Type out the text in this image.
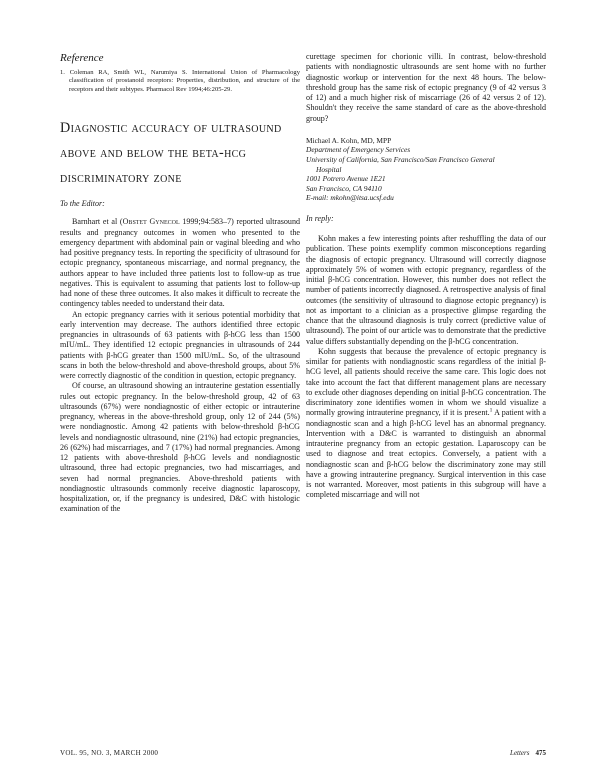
Reference

1. Coleman RA, Smith WL, Narumiya S. International Union of Pharmacology classification of prostanoid receptors: Properties, distribution, and structure of the receptors and their subtypes. Pharmacol Rev 1994;46:205-29.

Diagnostic accuracy of ultrasound above and below the beta-hcg discriminatory zone
To the Editor:

Barnhart et al (Obstet Gynecol 1999;94:583–7) reported ultrasound results and pregnancy outcomes in women who presented to the emergency department with abdominal pain or vaginal bleeding and who had positive pregnancy tests. In reporting the specificity of ultrasound for ectopic pregnancy, spontaneous miscarriage, and normal pregnancy, the authors appear to have included three patients lost to follow-up as true negatives. This is equivalent to assuming that patients lost to follow-up had none of these three outcomes. It also makes it difficult to recreate the contingency tables needed to understand their data.

An ectopic pregnancy carries with it serious potential morbidity that early intervention may decrease. The authors identified three ectopic pregnancies in ultrasounds of 63 patients with β-hCG less than 1500 mIU/mL. They identified 12 ectopic pregnancies in ultrasounds of 244 patients with β-hCG greater than 1500 mIU/mL. So, of the ultrasound scans in both the below-threshold and above-threshold groups, about 5% were correctly diagnostic of the condition in question, ectopic pregnancy.

Of course, an ultrasound showing an intrauterine gestation essentially rules out ectopic pregnancy. In the below-threshold group, 42 of 63 ultrasounds (67%) were nondiagnostic of either ectopic or intrauterine pregnancy, whereas in the above-threshold group, only 12 of 244 (5%) were nondiagnostic. Among 42 patients with below-threshold β-hCG levels and nondiagnostic ultrasound, nine (21%) had ectopic pregnancies, 26 (62%) had miscarriages, and 7 (17%) had normal pregnancies. Among 12 patients with above-threshold β-hCG levels and nondiagnostic ultrasound, three had ectopic pregnancies, two had miscarriages, and seven had normal pregnancies. Above-threshold patients with nondiagnostic ultrasounds commonly receive diagnostic laparoscopy, hospitalization, or, if the pregnancy is undesired, D&C with histologic examination of the

curettage specimen for chorionic villi. In contrast, below-threshold patients with nondiagnostic ultrasounds are sent home with no further diagnostic workup or intervention for the next 48 hours. The below-threshold group has the same risk of ectopic pregnancy (9 of 42 versus 3 of 12) and a much higher risk of miscarriage (26 of 42 versus 2 of 12). Shouldn't they receive the same standard of care as the above-threshold group?

Michael A. Kohn, MD, MPP
Department of Emergency Services
University of California, San Francisco/San Francisco General
Hospital
1001 Potrero Avenue 1E21
San Francisco, CA 94110
E-mail: mkohn@itsa.ucsf.edu
In reply:

Kohn makes a few interesting points after reshuffling the data of our publication. These points exemplify common misconceptions regarding the diagnosis of ectopic pregnancy. Ultrasound will correctly diagnose approximately 5% of women with ectopic pregnancy, regardless of the initial β-hCG concentration. However, this number does not reflect the number of patients incorrectly diagnosed. A retrospective analysis of final outcomes (the sensitivity of ultrasound to diagnose ectopic pregnancy) is not as important to a clinician as a prospective glimpse regarding the chance that the ultrasound diagnosis is truly correct (predictive value of ultrasound). The point of our article was to demonstrate that the predictive value differs substantially depending on the β-hCG concentration.

Kohn suggests that because the prevalence of ectopic pregnancy is similar for patients with nondiagnostic scans regardless of the initial β-hCG level, all patients should receive the same care. This logic does not take into account the fact that different management plans are necessary to exclude other diagnoses depending on initial β-hCG concentration. The discriminatory zone identifies women in whom we should visualize a normally growing intrauterine pregnancy, if it is present.$^1$ A patient with a nondiagnostic scan and a high β-hCG level has an abnormal pregnancy. Intervention with a D&C is warranted to distinguish an abnormal intrauterine pregnancy from an ectopic gestation. Laparoscopy can be used to diagnose and treat ectopics. Conversely, a patient with a nondiagnostic scan and β-hCG below the discriminatory zone may still have a growing intrauterine pregnancy. Surgical intervention in this case is not warranted. Moreover, most patients in this subgroup will have a completed miscarriage and will not

VOL. 95, NO. 3, MARCH 2000	Letters 475
